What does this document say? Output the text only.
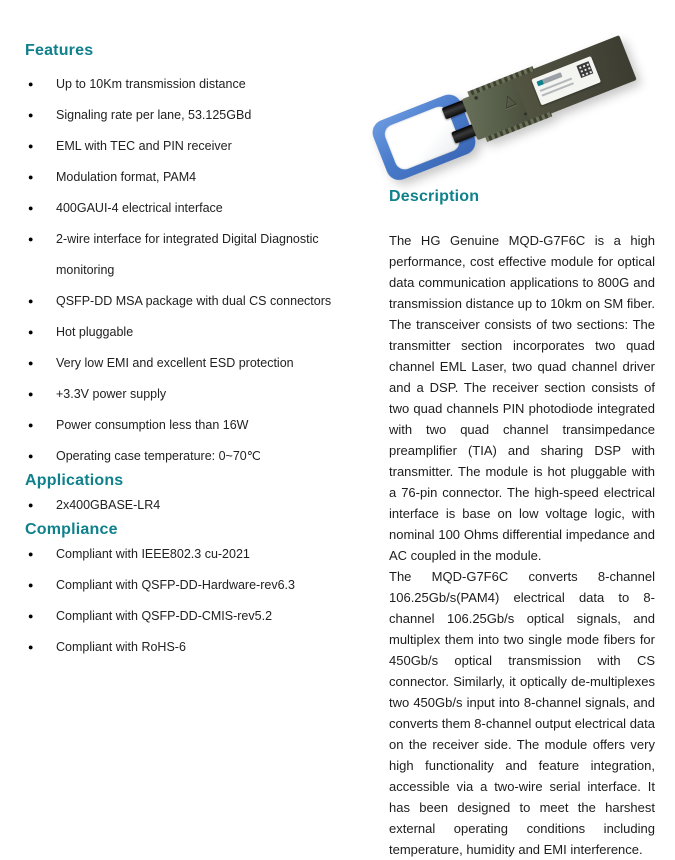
Features
● Up to 10Km transmission distance
● Signaling rate per lane, 53.125GBd
● EML with TEC and PIN receiver
● Modulation format, PAM4
● 400GAUI-4 electrical interface
● 2-wire interface for integrated Digital Diagnostic monitoring
● QSFP-DD MSA package with dual CS connectors
● Hot pluggable
● Very low EMI and excellent ESD protection
● +3.3V power supply
● Power consumption less than 16W
● Operating case temperature: 0~70℃
Applications
● 2x400GBASE-LR4
Compliance
● Compliant with IEEE802.3 cu-2021
● Compliant with QSFP-DD-Hardware-rev6.3
● Compliant with QSFP-DD-CMIS-rev5.2
● Compliant with RoHS-6
△
Description

The HG Genuine MQD-G7F6C is a high performance, cost effective module for optical data communication applications to 800G and transmission distance up to 10km on SM fiber. The transceiver consists of two sections: The transmitter section incorporates two quad channel EML Laser, two quad channel driver and a DSP. The receiver section consists of two quad channels PIN photodiode integrated with two quad channel transimpedance preamplifier (TIA) and sharing DSP with transmitter. The module is hot pluggable with a 76-pin connector. The high-speed electrical interface is base on low voltage logic, with nominal 100 Ohms differential impedance and AC coupled in the module.

The MQD-G7F6C converts 8-channel 106.25Gb/s(PAM4) electrical data to 8-channel 106.25Gb/s optical signals, and multiplex them into two single mode fibers for 450Gb/s optical transmission with CS connector. Similarly, it optically de-multiplexes two 450Gb/s input into 8-channel signals, and converts them 8-channel output electrical data on the receiver side. The module offers very high functionality and feature integration, accessible via a two-wire serial interface. It has been designed to meet the harshest external operating conditions including temperature, humidity and EMI interference.
